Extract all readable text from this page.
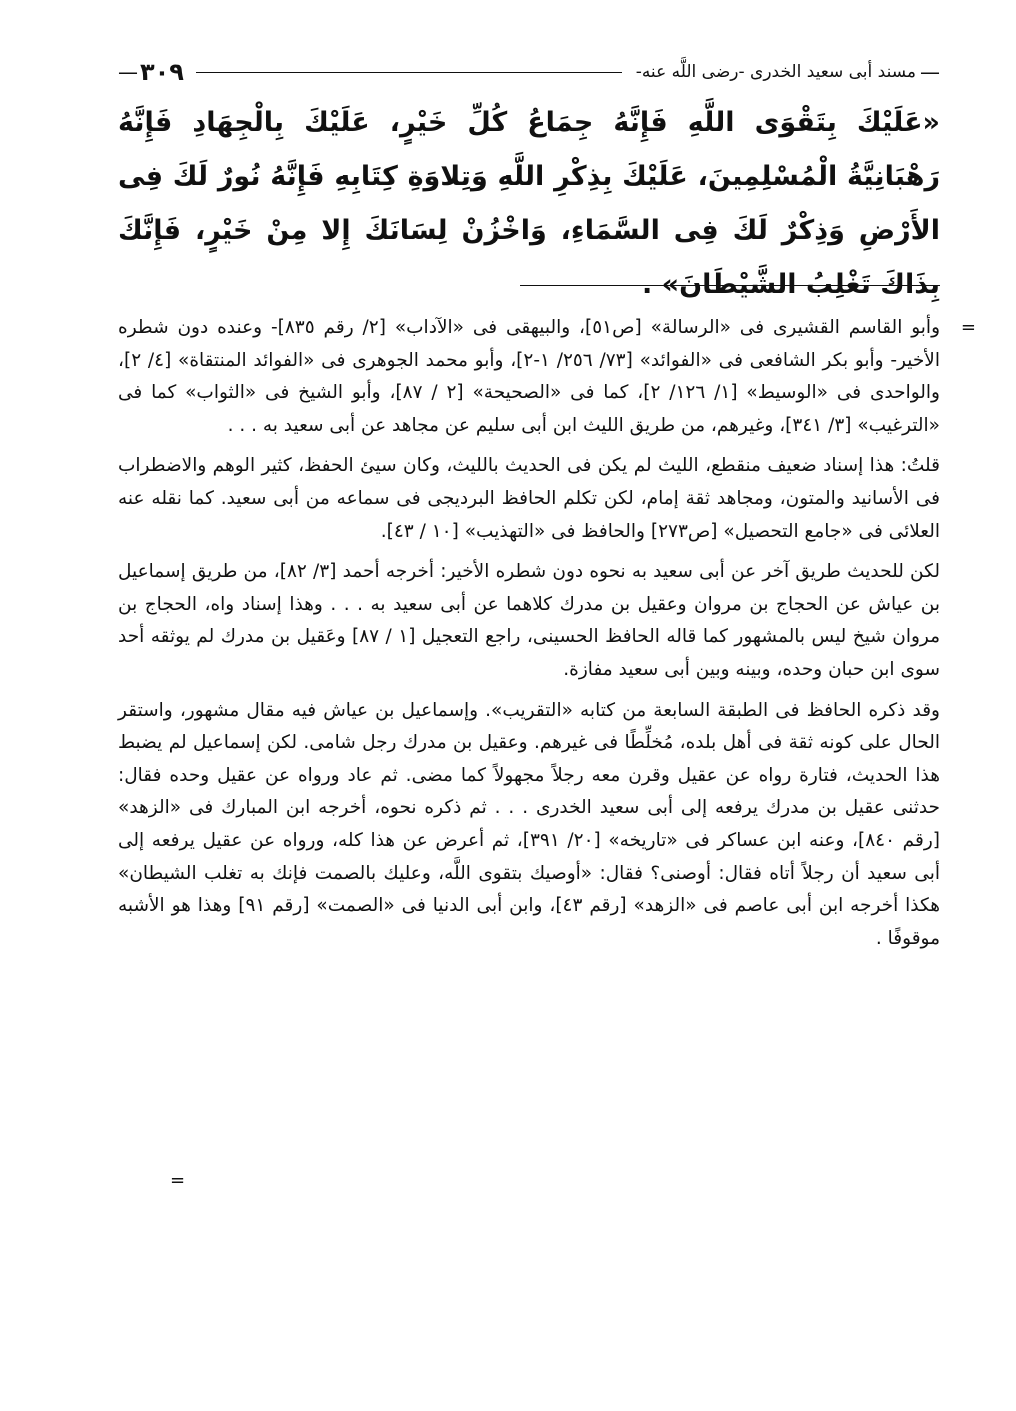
—
مسند أبى سعيد الخدرى -رضى اللَّه عنه-
٣٠٩
—
«عَلَيْكَ بِتَقْوَى اللَّهِ فَإِنَّهُ جِمَاعُ كُلِّ خَيْرٍ، عَلَيْكَ بِالْجِهَادِ فَإِنَّهُ رَهْبَانِيَّةُ الْمُسْلِمِينَ، عَلَيْكَ بِذِكْرِ اللَّهِ وَتِلاوَةِ كِتَابِهِ فَإِنَّهُ نُورٌ لَكَ فِى الأَرْضِ وَذِكْرٌ لَكَ فِى السَّمَاءِ، وَاخْزُنْ لِسَانَكَ إِلا مِنْ خَيْرٍ، فَإِنَّكَ بِذَاكَ تَغْلِبُ الشَّيْطَانَ» .

=
وأبو القاسم القشيرى فى «الرسالة» [ص٥١]، والبيهقى فى «الآداب» [٢/ رقم ٨٣٥]- وعنده دون شطره الأخير- وأبو بكر الشافعى فى «الفوائد» [٧٣/ ٢٥٦/ ١-٢]، وأبو محمد الجوهرى فى «الفوائد المنتقاة» [٤/ ٢]، والواحدى فى «الوسيط» [١/ ١٢٦/ ٢]، كما فى «الصحيحة» [٢ / ٨٧]، وأبو الشيخ فى «الثواب» كما فى «الترغيب» [٣/ ٣٤١]، وغيرهم، من طريق الليث ابن أبى سليم عن مجاهد عن أبى سعيد به . . .

قلتُ: هذا إسناد ضعيف منقطع، الليث لم يكن فى الحديث بالليث، وكان سيئ الحفظ، كثير الوهم والاضطراب فى الأسانيد والمتون، ومجاهد ثقة إمام، لكن تكلم الحافظ البرديجى فى سماعه من أبى سعيد. كما نقله عنه العلائى فى «جامع التحصيل» [ص٢٧٣] والحافظ فى «التهذيب» [١٠ / ٤٣].

لكن للحديث طريق آخر عن أبى سعيد به نحوه دون شطره الأخير: أخرجه أحمد [٣/ ٨٢]، من طريق إسماعيل بن عياش عن الحجاج بن مروان وعقيل بن مدرك كلاهما عن أبى سعيد به . . . وهذا إسناد واه، الحجاج بن مروان شيخ ليس بالمشهور كما قاله الحافظ الحسينى، راجع التعجيل [١ / ٨٧] وعَقيل بن مدرك لم يوثقه أحد سوى ابن حبان وحده، وبينه وبين أبى سعيد مفازة.

وقد ذكره الحافظ فى الطبقة السابعة من كتابه «التقريب». وإسماعيل بن عياش فيه مقال مشهور، واستقر الحال على كونه ثقة فى أهل بلده، مُخلِّطًا فى غيرهم. وعقيل بن مدرك رجل شامى. لكن إسماعيل لم يضبط هذا الحديث، فتارة رواه عن عقيل وقرن معه رجلاً مجهولاً كما مضى. ثم عاد ورواه عن عقيل وحده فقال: حدثنى عقيل بن مدرك يرفعه إلى أبى سعيد الخدرى . . . ثم ذكره نحوه، أخرجه ابن المبارك فى «الزهد» [رقم ٨٤٠]، وعنه ابن عساكر فى «تاريخه» [٢٠/ ٣٩١]، ثم أعرض عن هذا كله، ورواه عن عقيل يرفعه إلى أبى سعيد أن رجلاً أتاه فقال: أوصنى؟ فقال: «أوصيك بتقوى اللَّه، وعليك بالصمت فإنك به تغلب الشيطان» هكذا أخرجه ابن أبى عاصم فى «الزهد» [رقم ٤٣]، وابن أبى الدنيا فى «الصمت» [رقم ٩١] وهذا هو الأشبه موقوفًا .

=
